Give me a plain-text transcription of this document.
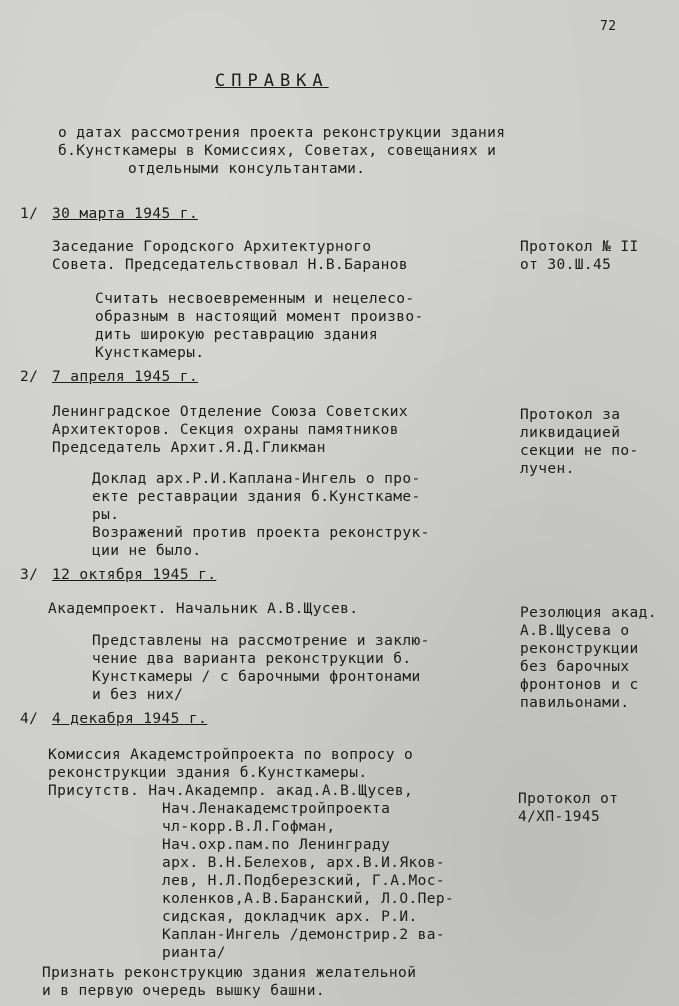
72
СПРАВКА
о датах рассмотрения проекта реконструкции здания
б.Кунсткамеры в Комиссиях, Советах, совещаниях и
отдельными консультантами.
1/ 30 марта 1945 г.
Заседание Городского Архитектурного
Совета. Председательствовал Н.В.Баранов
Считать несвоевременным и нецелесо-
образным в настоящий момент произво-
дить широкую реставрацию здания
Кунсткамеры.
Протокол № II
от 30.Ш.45
2/ 7 апреля 1945 г.
Ленинградское Отделение Союза Советских
Архитекторов. Секция охраны памятников
Председатель Архит.Я.Д.Гликман
Доклад арх.Р.И.Каплана-Ингель о про-
екте реставрации здания б.Кунсткаме-
ры.
Возражений против проекта реконструк-
ции не было.
Протокол за
ликвидацией
секции не по-
лучен.
3/ 12 октября 1945 г.
Академпроект. Начальник А.В.Щусев.
Представлены на рассмотрение и заклю-
чение два варианта реконструкции б.
Кунсткамеры / с барочными фронтонами
и без них/
Резолюция акад.
А.В.Щусева о
реконструкции
без барочных
фронтонов и с
павильонами.
4/ 4 декабря 1945 г.
Комиссия Академстройпроекта по вопросу о
реконструкции здания б.Кунсткамеры.
Присутств. Нач.Академпр. акад.А.В.Щусев,
Нач.Ленакадемстройпроекта
чл-корр.В.Л.Гофман,
Нач.охр.пам.по Ленинграду
арх. В.Н.Белехов, арх.В.И.Яков-
лев, Н.Л.Подберезский, Г.А.Мос-
коленков,А.В.Баранский, Л.О.Пер-
сидская, докладчик арх. Р.И.
Каплан-Ингель /демонстрир.2 ва-
рианта/
Протокол от
4/ХП-1945
Признать реконструкцию здания желательной
и в первую очередь вышку башни.
